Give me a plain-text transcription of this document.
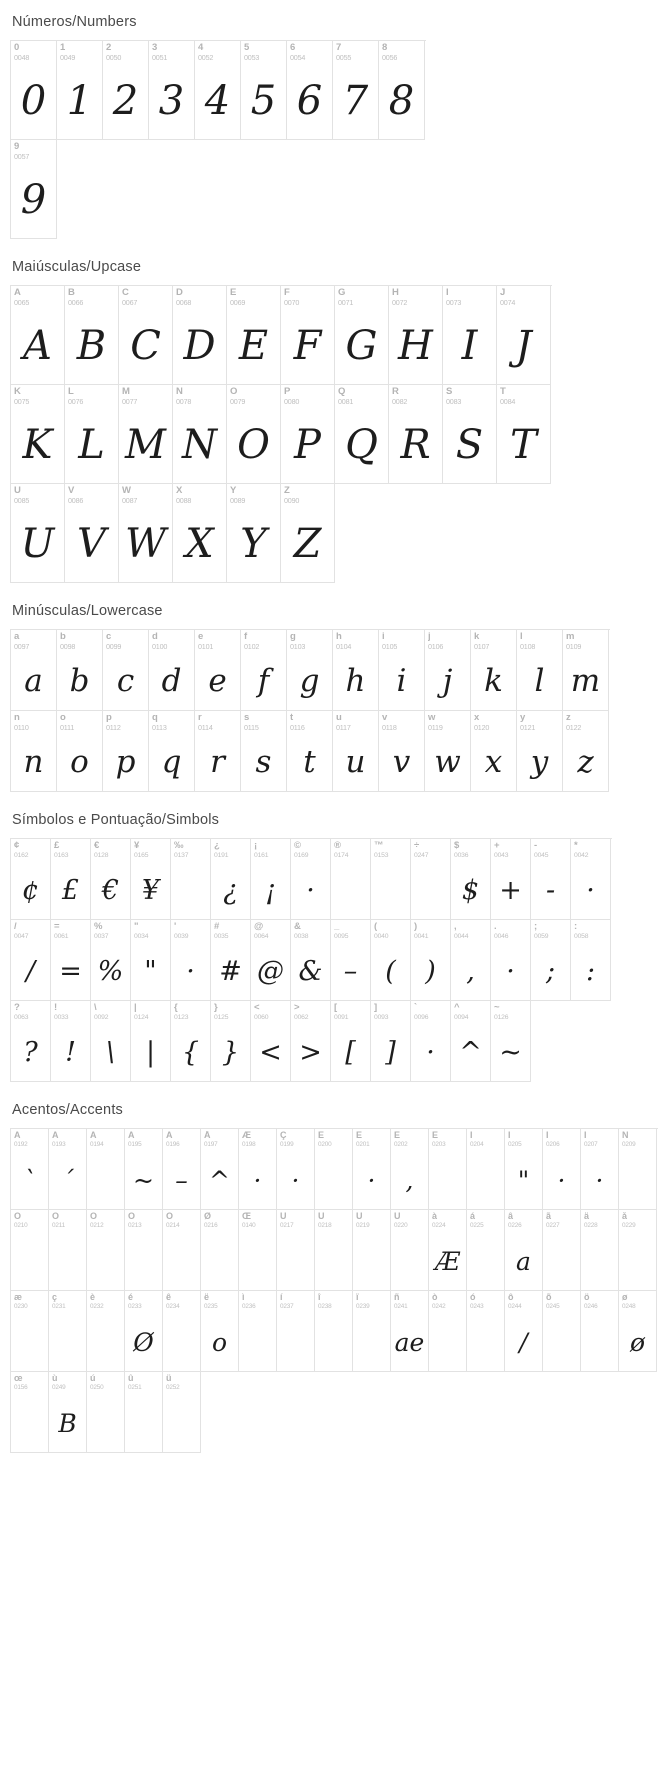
Números/Numbers
0
0048
0
1
0049
1
2
0050
2
3
0051
3
4
0052
4
5
0053
5
6
0054
6
7
0055
7
8
0056
8
9
0057
9
Maiúsculas/Upcase
A
0065
A
B
0066
B
C
0067
C
D
0068
D
E
0069
E
F
0070
F
G
0071
G
H
0072
H
I
0073
I
J
0074
J
K
0075
K
L
0076
L
M
0077
M
N
0078
N
O
0079
O
P
0080
P
Q
0081
Q
R
0082
R
S
0083
S
T
0084
T
U
0085
U
V
0086
V
W
0087
W
X
0088
X
Y
0089
Y
Z
0090
Z
Minúsculas/Lowercase
a
0097
a
b
0098
b
c
0099
c
d
0100
d
e
0101
e
f
0102
f
g
0103
g
h
0104
h
i
0105
i
j
0106
j
k
0107
k
l
0108
l
m
0109
m
n
0110
n
o
0111
o
p
0112
p
q
0113
q
r
0114
r
s
0115
s
t
0116
t
u
0117
u
v
0118
v
w
0119
w
x
0120
x
y
0121
y
z
0122
z
Símbolos e Pontuação/Simbols
¢
0162
¢
£
0163
£
€
0128
€
¥
0165
¥
‰
0137
¿
0191
¿
¡
0161
¡
©
0169
·
®
0174
™
0153
÷
0247
$
0036
$
+
0043
+
-
0045
-
*
0042
·
/
0047
/
=
0061
=
%
0037
%
"
0034
"
'
0039
·
#
0035
#
@
0064
@
&
0038
&
_
0095
–
(
0040
(
)
0041
)
,
0044
,
.
0046
·
;
0059
;
:
0058
:
?
0063
?
!
0033
!
\
0092
\
|
0124
|
{
0123
{
}
0125
}
<
0060
<
>
0062
>
[
0091
[
]
0093
]
`
0096
·
^
0094
^
~
0126
~
Acentos/Accents
À
0192
`
Á
0193
´
Â
0194
Ã
0195
~
Ä
0196
–
Å
0197
^
Æ
0198
·
Ç
0199
·
È
0200
É
0201
·
Ê
0202
,
Ë
0203
Ì
0204
Í
0205
"
Î
0206
·
Ï
0207
·
Ñ
0209
Ò
0210
Ó
0211
Ô
0212
Õ
0213
Ö
0214
Ø
0216
Œ
0140
Ù
0217
Ú
0218
Û
0219
Ü
0220
à
0224
Æ
á
0225
â
0226
a
ã
0227
ä
0228
å
0229
æ
0230
ç
0231
è
0232
é
0233
Ø
ê
0234
ë
0235
o
ì
0236
í
0237
î
0238
ï
0239
ñ
0241
ae
ò
0242
ó
0243
ô
0244
/
õ
0245
ö
0246
ø
0248
ø
œ
0156
ù
0249
B
ú
0250
û
0251
ü
0252
